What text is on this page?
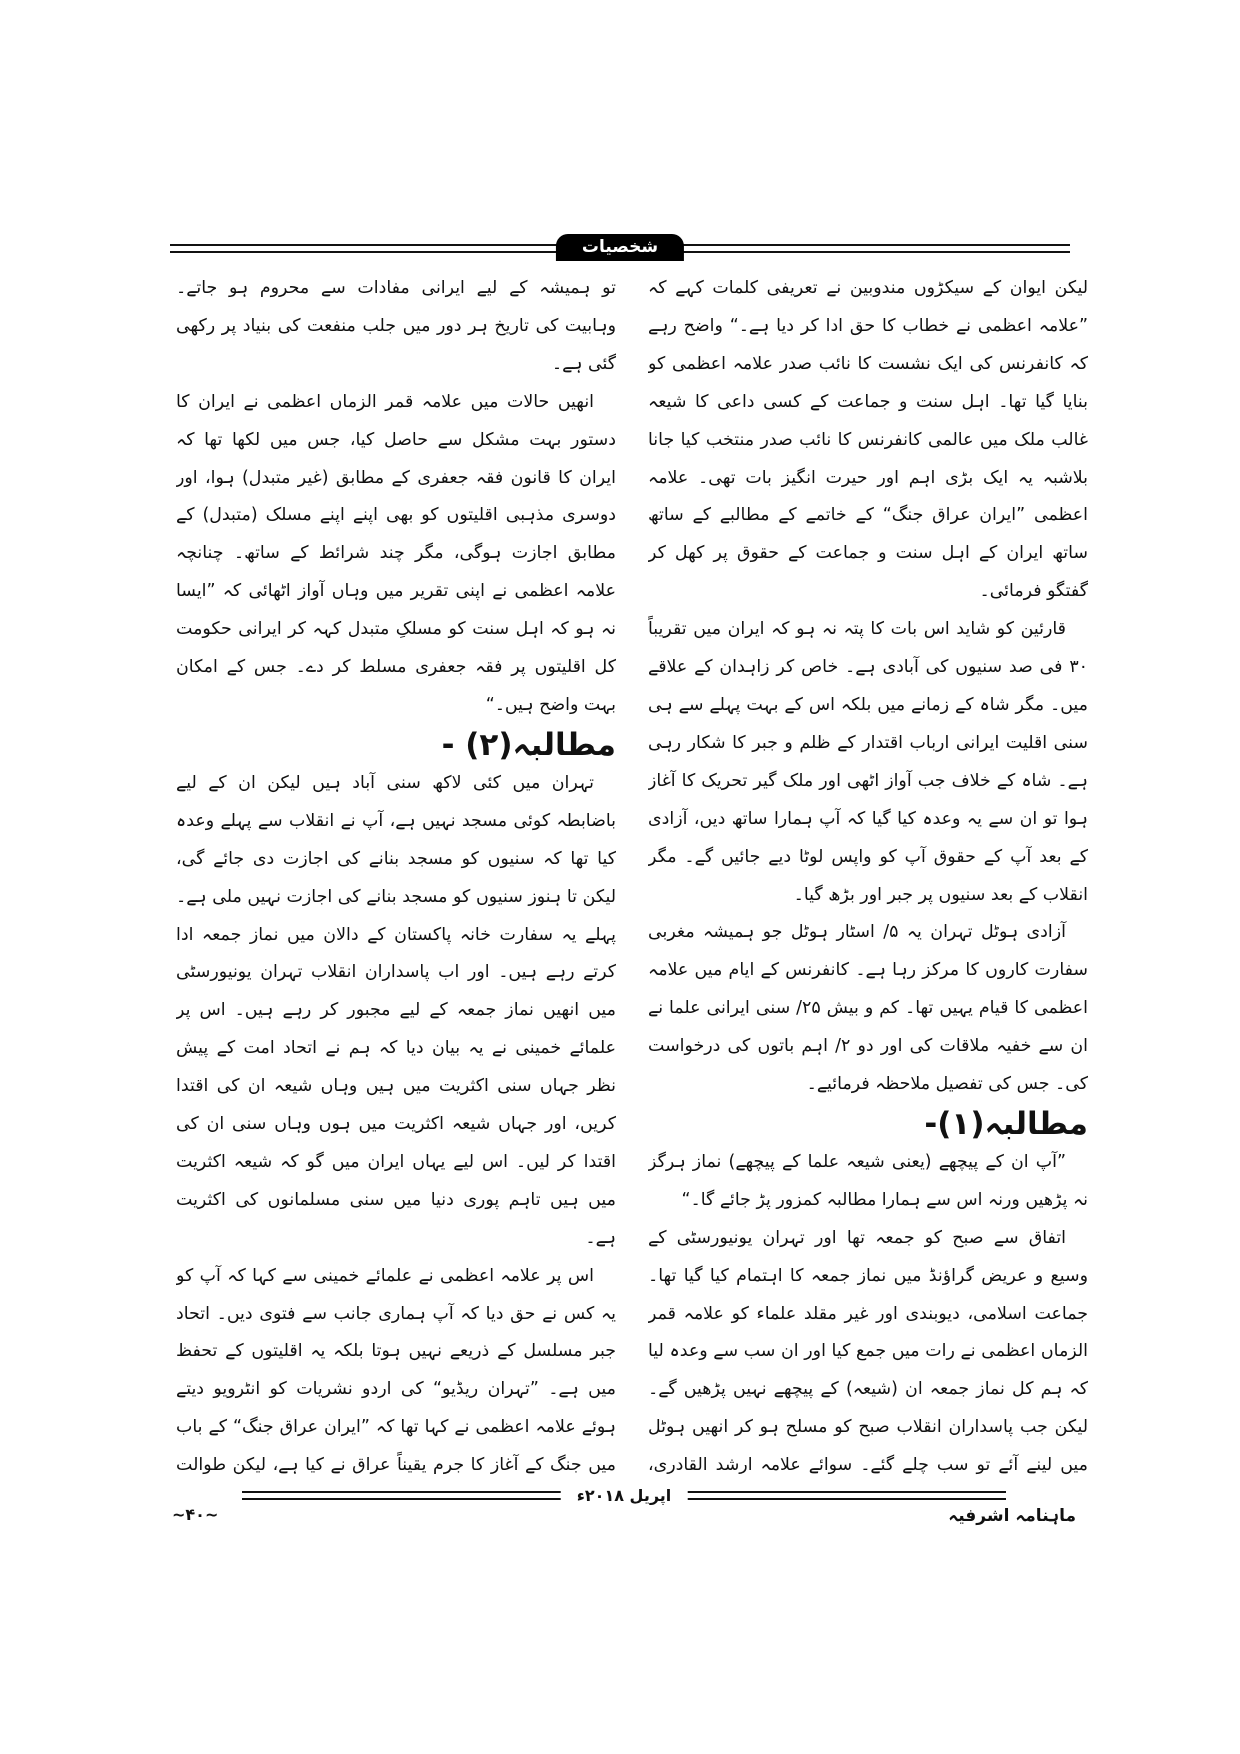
شخصیات

لیکن ایوان کے سیکڑوں مندوبین نے تعریفی کلمات کہے کہ ”علامہ اعظمی نے خطاب کا حق ادا کر دیا ہے۔“ واضح رہے کہ کانفرنس کی ایک نشست کا نائب صدر علامہ اعظمی کو بنایا گیا تھا۔ اہل سنت و جماعت کے کسی داعی کا شیعہ غالب ملک میں عالمی کانفرنس کا نائب صدر منتخب کیا جانا بلاشبہ یہ ایک بڑی اہم اور حیرت انگیز بات تھی۔ علامہ اعظمی ”ایران عراق جنگ“ کے خاتمے کے مطالبے کے ساتھ ساتھ ایران کے اہل سنت و جماعت کے حقوق پر کھل کر گفتگو فرمائی۔

قارئین کو شاید اس بات کا پتہ نہ ہو کہ ایران میں تقریباً ۳۰ فی صد سنیوں کی آبادی ہے۔ خاص کر زاہدان کے علاقے میں۔ مگر شاہ کے زمانے میں بلکہ اس کے بہت پہلے سے ہی سنی اقلیت ایرانی ارباب اقتدار کے ظلم و جبر کا شکار رہی ہے۔ شاہ کے خلاف جب آواز اٹھی اور ملک گیر تحریک کا آغاز ہوا تو ان سے یہ وعدہ کیا گیا کہ آپ ہمارا ساتھ دیں، آزادی کے بعد آپ کے حقوق آپ کو واپس لوٹا دیے جائیں گے۔ مگر انقلاب کے بعد سنیوں پر جبر اور بڑھ گیا۔

آزادی ہوٹل تہران یہ ۵/ اسٹار ہوٹل جو ہمیشہ مغربی سفارت کاروں کا مرکز رہا ہے۔ کانفرنس کے ایام میں علامہ اعظمی کا قیام یہیں تھا۔ کم و بیش ۲۵/ سنی ایرانی علما نے ان سے خفیہ ملاقات کی اور دو ۲/ اہم باتوں کی درخواست کی۔ جس کی تفصیل ملاحظہ فرمائیے۔

مطالبہ(۱)-

”آپ ان کے پیچھے (یعنی شیعہ علما کے پیچھے) نماز ہرگز نہ پڑھیں ورنہ اس سے ہمارا مطالبہ کمزور پڑ جائے گا۔“

اتفاق سے صبح کو جمعہ تھا اور تہران یونیورسٹی کے وسیع و عریض گراؤنڈ میں نماز جمعہ کا اہتمام کیا گیا تھا۔ جماعت اسلامی، دیوبندی اور غیر مقلد علماء کو علامہ قمر الزماں اعظمی نے رات میں جمع کیا اور ان سب سے وعدہ لیا کہ ہم کل نماز جمعہ ان (شیعہ) کے پیچھے نہیں پڑھیں گے۔ لیکن جب پاسداران انقلاب صبح کو مسلح ہو کر انھیں ہوٹل میں لینے آئے تو سب چلے گئے۔ سوائے علامہ ارشد القادری،

تو ہمیشہ کے لیے ایرانی مفادات سے محروم ہو جاتے۔ وہابیت کی تاریخ ہر دور میں جلب منفعت کی بنیاد پر رکھی گئی ہے۔

انھیں حالات میں علامہ قمر الزماں اعظمی نے ایران کا دستور بہت مشکل سے حاصل کیا، جس میں لکھا تھا کہ ایران کا قانون فقہ جعفری کے مطابق (غیر متبدل) ہوا، اور دوسری مذہبی اقلیتوں کو بھی اپنے اپنے مسلک (متبدل) کے مطابق اجازت ہوگی، مگر چند شرائط کے ساتھ۔ چنانچہ علامہ اعظمی نے اپنی تقریر میں وہاں آواز اٹھائی کہ ”ایسا نہ ہو کہ اہل سنت کو مسلکِ متبدل کہہ کر ایرانی حکومت کل اقلیتوں پر فقہ جعفری مسلط کر دے۔ جس کے امکان بہت واضح ہیں۔“

مطالبہ(۲) -

تہران میں کئی لاکھ سنی آباد ہیں لیکن ان کے لیے باضابطہ کوئی مسجد نہیں ہے، آپ نے انقلاب سے پہلے وعدہ کیا تھا کہ سنیوں کو مسجد بنانے کی اجازت دی جائے گی، لیکن تا ہنوز سنیوں کو مسجد بنانے کی اجازت نہیں ملی ہے۔ پہلے یہ سفارت خانہ پاکستان کے دالان میں نماز جمعہ ادا کرتے رہے ہیں۔ اور اب پاسداران انقلاب تہران یونیورسٹی میں انھیں نماز جمعہ کے لیے مجبور کر رہے ہیں۔ اس پر علمائے خمینی نے یہ بیان دیا کہ ہم نے اتحاد امت کے پیش نظر جہاں سنی اکثریت میں ہیں وہاں شیعہ ان کی اقتدا کریں، اور جہاں شیعہ اکثریت میں ہوں وہاں سنی ان کی اقتدا کر لیں۔ اس لیے یہاں ایران میں گو کہ شیعہ اکثریت میں ہیں تاہم پوری دنیا میں سنی مسلمانوں کی اکثریت ہے۔

اس پر علامہ اعظمی نے علمائے خمینی سے کہا کہ آپ کو یہ کس نے حق دیا کہ آپ ہماری جانب سے فتوی دیں۔ اتحاد جبر مسلسل کے ذریعے نہیں ہوتا بلکہ یہ اقلیتوں کے تحفظ میں ہے۔ ”تہران ریڈیو“ کی اردو نشریات کو انٹرویو دیتے ہوئے علامہ اعظمی نے کہا تھا کہ ”ایران عراق جنگ“ کے باب میں جنگ کے آغاز کا جرم یقیناً عراق نے کیا ہے، لیکن طوالت

ماہنامہ اشرفیہ
اپریل ۲۰۱۸ء
~۴۰~
